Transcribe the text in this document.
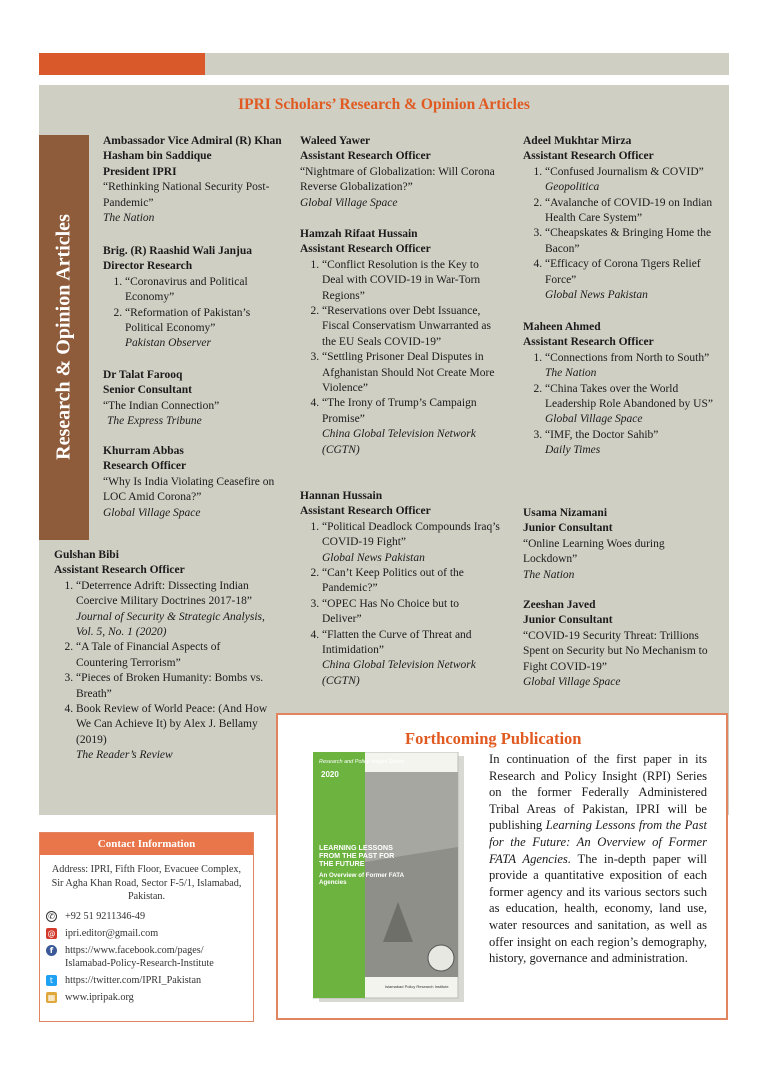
IPRI Scholars’ Research & Opinion Articles
Research & Opinion Articles
Ambassador Vice Admiral (R) Khan Hasham bin Saddique
President IPRI
“Rethinking National Security Post-Pandemic”
The Nation
Brig. (R) Raashid Wali Janjua
Director Research
1. “Coronavirus and Political Economy”
2. “Reformation of Pakistan’s Political Economy”
Pakistan Observer
Dr Talat Farooq
Senior Consultant
“The Indian Connection”
The Express Tribune
Khurram Abbas
Research Officer
“Why Is India Violating Ceasefire on LOC Amid Corona?”
Global Village Space
Gulshan Bibi
Assistant Research Officer
1. “Deterrence Adrift: Dissecting Indian Coercive Military Doctrines 2017-18”
Journal of Security & Strategic Analysis, Vol. 5, No. 1 (2020)
2. “A Tale of Financial Aspects of Countering Terrorism”
3. “Pieces of Broken Humanity: Bombs vs. Breath”
4. Book Review of World Peace: (And How We Can Achieve It) by Alex J. Bellamy (2019)
The Reader’s Review
Waleed Yawer
Assistant Research Officer
“Nightmare of Globalization: Will Corona Reverse Globalization?”
Global Village Space
Hamzah Rifaat Hussain
Assistant Research Officer
1. “Conflict Resolution is the Key to Deal with COVID-19 in War-Torn Regions”
2. “Reservations over Debt Issuance, Fiscal Conservatism Unwarranted as the EU Seals COVID-19”
3. “Settling Prisoner Deal Disputes in Afghanistan Should Not Create More Violence”
4. “The Irony of Trump’s Campaign Promise”
China Global Television Network (CGTN)
Hannan Hussain
Assistant Research Officer
1. “Political Deadlock Compounds Iraq’s COVID-19 Fight”
Global News Pakistan
2. “Can’t Keep Politics out of the Pandemic?”
3. “OPEC Has No Choice but to Deliver”
4. “Flatten the Curve of Threat and Intimidation”
China Global Television Network (CGTN)
Adeel Mukhtar Mirza
Assistant Research Officer
1. “Confused Journalism & COVID”
Geopolitica
2. “Avalanche of COVID-19 on Indian Health Care System”
3. “Cheapskates & Bringing Home the Bacon”
4. “Efficacy of Corona Tigers Relief Force”
Global News Pakistan
Maheen Ahmed
Assistant Research Officer
1. “Connections from North to South”
The Nation
2. “China Takes over the World Leadership Role Abandoned by US”
Global Village Space
3. “IMF, the Doctor Sahib”
Daily Times
Usama Nizamani
Junior Consultant
“Online Learning Woes during Lockdown”
The Nation
Zeeshan Javed
Junior Consultant
“COVID-19 Security Threat: Trillions Spent on Security but No Mechanism to Fight COVID-19”
Global Village Space
Contact Information
Address: IPRI, Fifth Floor, Evacuee Complex, Sir Agha Khan Road, Sector F-5/1, Islamabad, Pakistan.
✆ +92 51 9211346-49
@ ipri.editor@gmail.com
f	https://www.facebook.com/pages/ Islamabad-Policy-Research-Institute
t	https://twitter.com/IPRI_Pakistan
▦ www.ipripak.org
Forthcoming Publication
Research and Policy Insight Series
2020
LEARNING LESSONS FROM THE PAST FOR THE FUTURE
An Overview of Former FATA Agencies
Islamabad Policy Research Institute
In continuation of the first paper in its Research and Policy Insight (RPI) Series on the former Federally Administered Tribal Areas of Pakistan, IPRI will be publishing Learning Lessons from the Past for the Future: An Overview of Former FATA Agencies. The in-depth paper will provide a quantitative exposition of each former agency and its various sectors such as education, health, economy, land use, water resources and sanitation, as well as offer insight on each region’s demography, history, governance and administration.
